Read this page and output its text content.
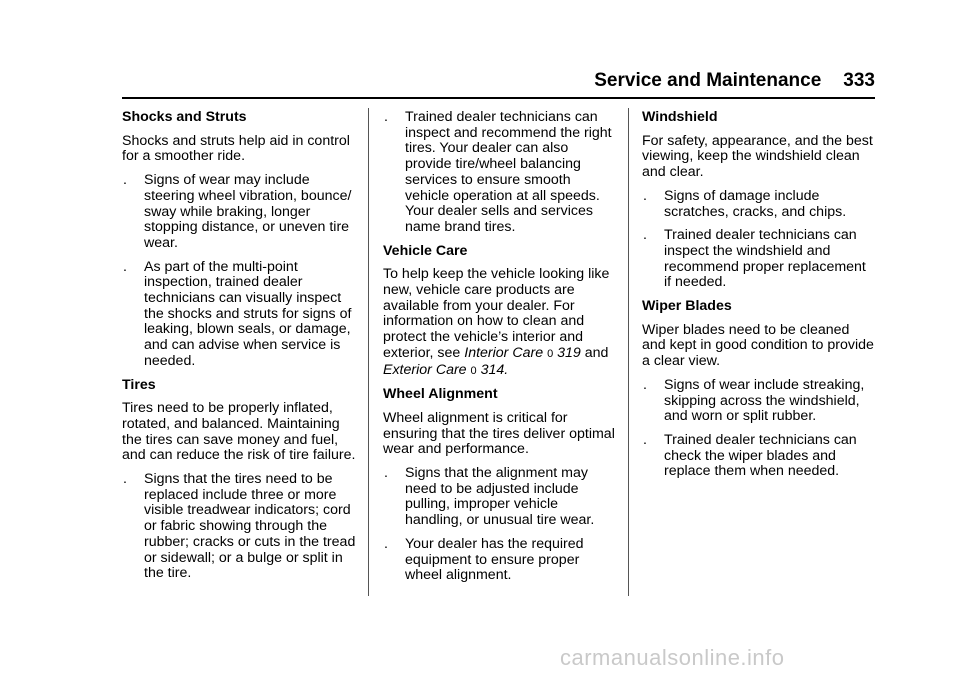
Service and Maintenance 333
Shocks and Struts
Shocks and struts help aid in control for a smoother ride.
. Signs of wear may include steering wheel vibration, bounce/ sway while braking, longer stopping distance, or uneven tire wear.
. As part of the multi-point inspection, trained dealer technicians can visually inspect the shocks and struts for signs of leaking, blown seals, or damage, and can advise when service is needed.
Tires
Tires need to be properly inflated, rotated, and balanced. Maintaining the tires can save money and fuel, and can reduce the risk of tire failure.
. Signs that the tires need to be replaced include three or more visible treadwear indicators; cord or fabric showing through the rubber; cracks or cuts in the tread or sidewall; or a bulge or split in the tire.
. Trained dealer technicians can inspect and recommend the right tires. Your dealer can also provide tire/wheel balancing services to ensure smooth vehicle operation at all speeds. Your dealer sells and services name brand tires.
Vehicle Care
To help keep the vehicle looking like new, vehicle care products are available from your dealer. For information on how to clean and protect the vehicle’s interior and exterior, see Interior Care 0 319 and Exterior Care 0 314.
Wheel Alignment
Wheel alignment is critical for ensuring that the tires deliver optimal wear and performance.
. Signs that the alignment may need to be adjusted include pulling, improper vehicle handling, or unusual tire wear.
. Your dealer has the required equipment to ensure proper wheel alignment.
Windshield
For safety, appearance, and the best viewing, keep the windshield clean and clear.
. Signs of damage include scratches, cracks, and chips.
. Trained dealer technicians can inspect the windshield and recommend proper replacement if needed.
Wiper Blades
Wiper blades need to be cleaned and kept in good condition to provide a clear view.
. Signs of wear include streaking, skipping across the windshield, and worn or split rubber.
. Trained dealer technicians can check the wiper blades and replace them when needed.
carmanualsonline.info
